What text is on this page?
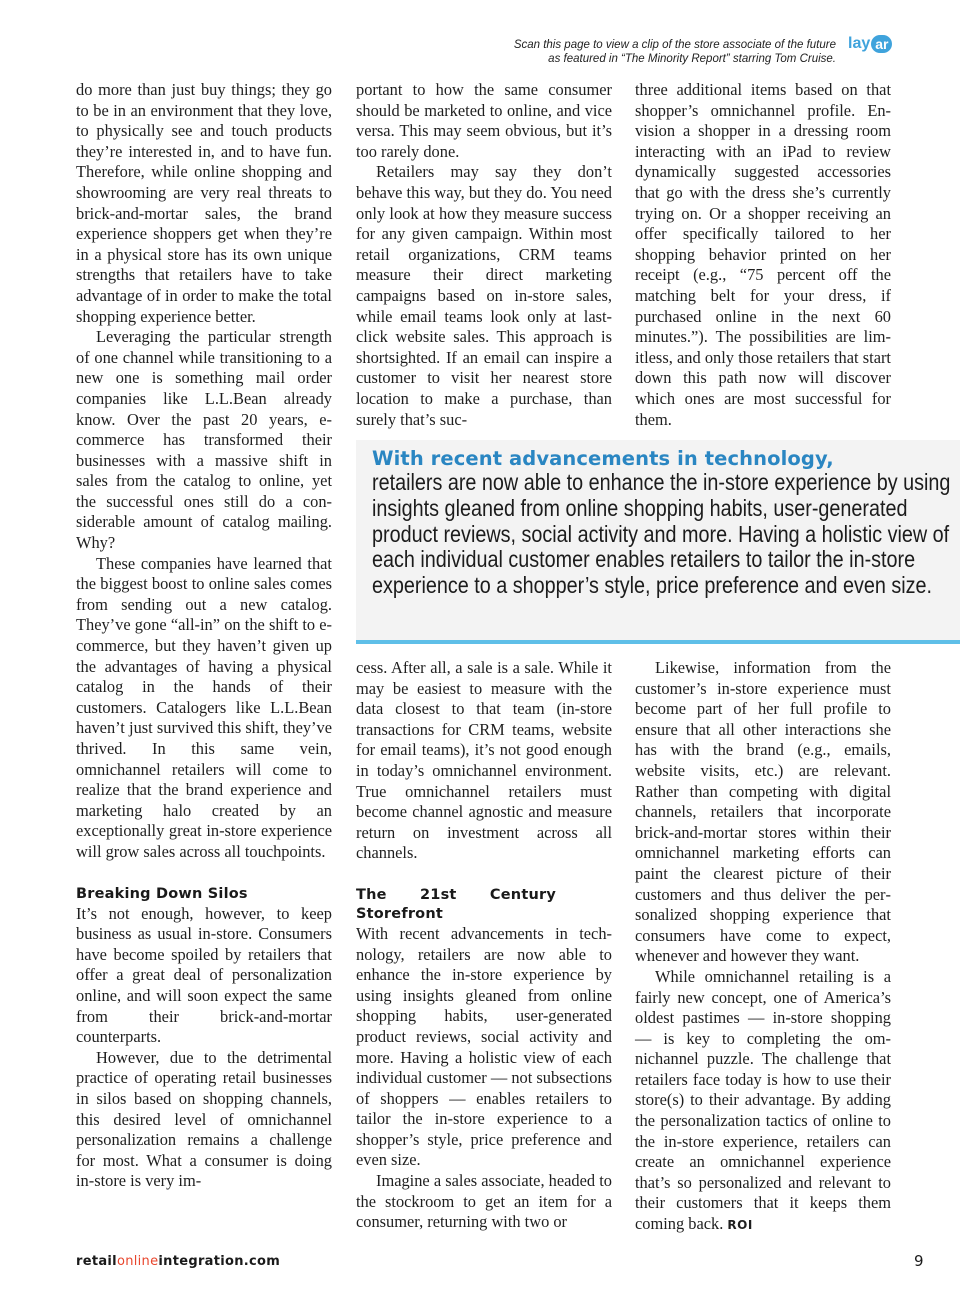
Scan this page to view a clip of the store associate of the future
as featured in “The Minority Report” starring Tom Cruise.
lay ar

do more than just buy things; they go to be in an environment that they love, to physically see and touch products they’re interested in, and to have fun. Therefore, while online shopping and showrooming are very real threats to brick-and-mortar sales, the brand experience shoppers get when they’re in a physical store has its own unique strengths that retailers have to take advantage of in order to make the total shopping experience better.

Leveraging the particular strength of one channel while transitioning to a new one is something mail order companies like L.L.Bean already know. Over the past 20 years, e-commerce has transformed their businesses with a massive shift in sales from the catalog to online, yet the successful ones still do a considerable amount of catalog mailing. Why?

These companies have learned that the biggest boost to online sales comes from sending out a new catalog. They’ve gone “all-in” on the shift to e-commerce, but they haven’t given up the advantages of having a physical catalog in the hands of their customers. Catalogers like L.L.Bean haven’t just survived this shift, they’ve thrived. In this same vein, omnichannel retailers will come to realize that the brand experience and marketing halo created by an exceptionally great in-store experience will grow sales across all touchpoints.

Breaking Down Silos

It’s not enough, however, to keep business as usual in-store. Consumers have become spoiled by retailers that offer a great deal of personalization online, and will soon expect the same from their brick-and-mortar counterparts.

However, due to the detrimental practice of operating retail businesses in silos based on shopping channels, this desired level of omnichannel personalization remains a challenge for most. What a consumer is doing in-store is very im-

portant to how the same consumer should be marketed to online, and vice versa. This may seem obvious, but it’s too rarely done.

Retailers may say they don’t behave this way, but they do. You need only look at how they measure success for any given campaign. Within most retail organizations, CRM teams measure their direct marketing campaigns based on in-store sales, while email teams look only at last-click website sales. This approach is shortsighted. If an email can inspire a customer to visit her nearest store location to make a purchase, than surely that’s suc-

three additional items based on that shopper’s omnichannel profile. Envision a shopper in a dressing room interacting with an iPad to review dynamically suggested accessories that go with the dress she’s currently trying on. Or a shopper receiving an offer specifically tailored to her shopping behavior printed on her receipt (e.g., “75 percent off the matching belt for your dress, if purchased online in the next 60 minutes.”). The possibilities are limitless, and only those retailers that start down this path now will discover which ones are most successful for them.

With recent advancements in technology,
retailers are now able to enhance the in-store experience by using insights gleaned from online shopping habits, user-generated product reviews, social activity and more. Having a holistic view of each individual customer enables retailers to tailor the in-store experience to a shopper’s style, price preference and even size.

cess. After all, a sale is a sale. While it may be easiest to measure with the data closest to that team (in-store transactions for CRM teams, website for email teams), it’s not good enough in today’s omnichannel environment. True omnichannel retailers must become channel agnostic and measure return on investment across all channels.

The 21st Century Storefront

With recent advancements in technology, retailers are now able to enhance the in-store experience by using insights gleaned from online shopping habits, user-generated product reviews, social activity and more. Having a holistic view of each individual customer — not subsections of shoppers — enables retailers to tailor the in-store experience to a shopper’s style, price preference and even size.

Imagine a sales associate, headed to the stockroom to get an item for a consumer, returning with two or

Likewise, information from the customer’s in-store experience must become part of her full profile to ensure that all other interactions she has with the brand (e.g., emails, website visits, etc.) are relevant. Rather than competing with digital channels, retailers that incorporate brick-and-mortar stores within their omnichannel marketing efforts can paint the clearest picture of their customers and thus deliver the personalized shopping experience that consumers have come to expect, whenever and however they want.

While omnichannel retailing is a fairly new concept, one of America’s oldest pastimes — in-store shopping — is key to completing the omnichannel puzzle. The challenge that retailers face today is how to use their store(s) to their advantage. By adding the personalization tactics of online to the in-store experience, retailers can create an omnichannel experience that’s so personalized and relevant to their customers that it keeps them coming back. ROI

retailonlineintegration.com	9
